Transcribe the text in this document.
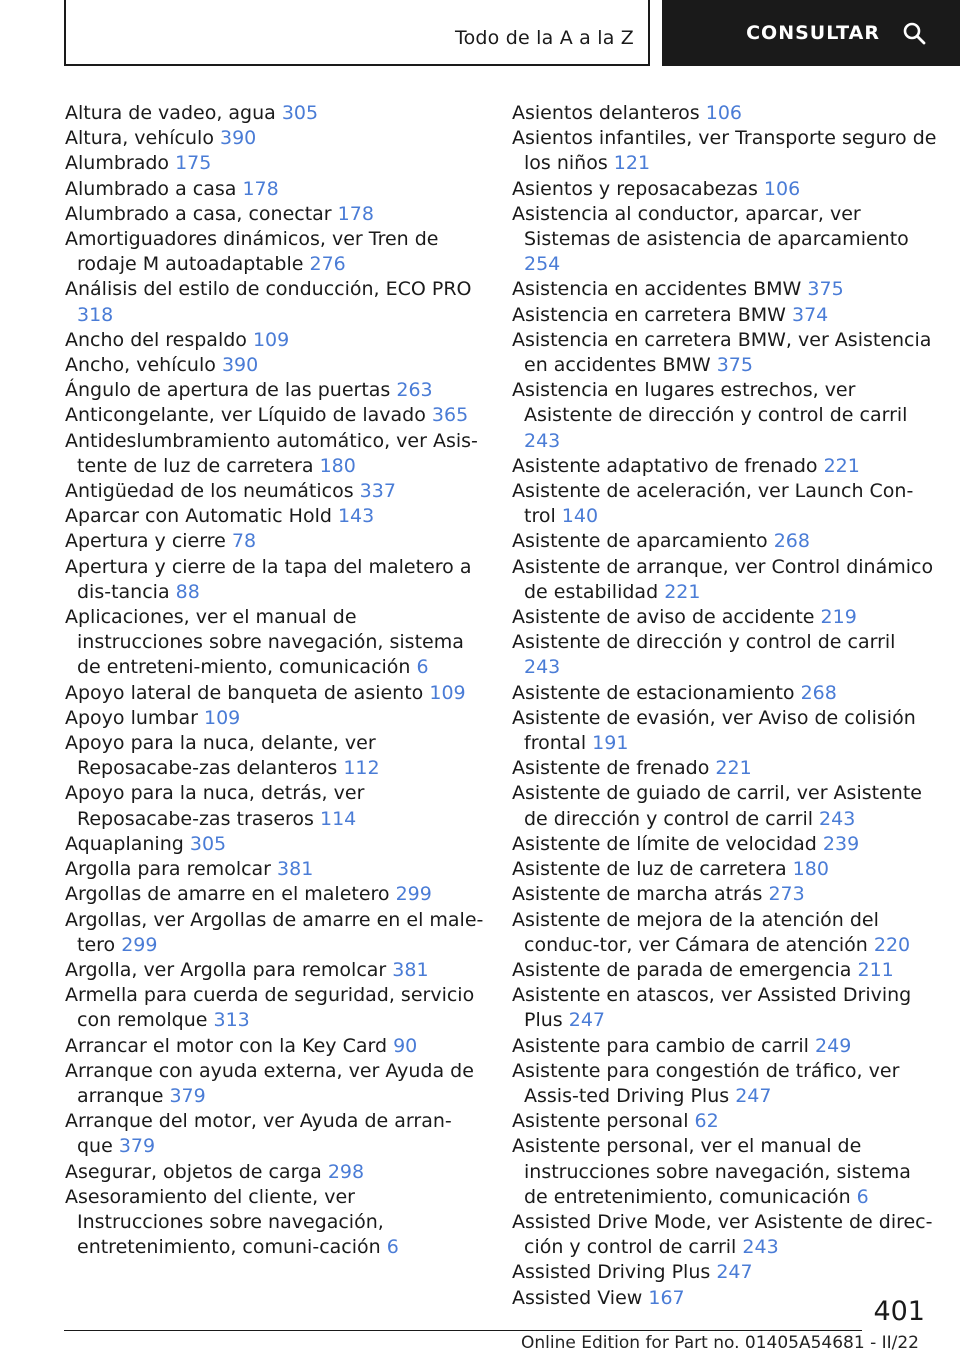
Todo de la A a la Z	CONSULTAR
Altura de vadeo, agua 305
Altura, vehículo 390
Alumbrado 175
Alumbrado a casa 178
Alumbrado a casa, conectar 178
Amortiguadores dinámicos, ver Tren de rodaje M autoadaptable 276
Análisis del estilo de conducción, ECO PRO 318
Ancho del respaldo 109
Ancho, vehículo 390
Ángulo de apertura de las puertas 263
Anticongelante, ver Líquido de lavado 365
Antideslumbramiento automático, ver Asis-tente de luz de carretera 180
Antigüedad de los neumáticos 337
Aparcar con Automatic Hold 143
Apertura y cierre 78
Apertura y cierre de la tapa del maletero a dis-tancia 88
Aplicaciones, ver el manual de instrucciones sobre navegación, sistema de entreteni-miento, comunicación 6
Apoyo lateral de banqueta de asiento 109
Apoyo lumbar 109
Apoyo para la nuca, delante, ver Reposacabe-zas delanteros 112
Apoyo para la nuca, detrás, ver Reposacabe-zas traseros 114
Aquaplaning 305
Argolla para remolcar 381
Argollas de amarre en el maletero 299
Argollas, ver Argollas de amarre en el male-tero 299
Argolla, ver Argolla para remolcar 381
Armella para cuerda de seguridad, servicio con remolque 313
Arrancar el motor con la Key Card 90
Arranque con ayuda externa, ver Ayuda de arranque 379
Arranque del motor, ver Ayuda de arran-que 379
Asegurar, objetos de carga 298
Asesoramiento del cliente, ver Instrucciones sobre navegación, entretenimiento, comuni-cación 6
Asientos delanteros 106
Asientos infantiles, ver Transporte seguro de los niños 121
Asientos y reposacabezas 106
Asistencia al conductor, aparcar, ver Sistemas de asistencia de aparcamiento 254
Asistencia en accidentes BMW 375
Asistencia en carretera BMW 374
Asistencia en carretera BMW, ver Asistencia en accidentes BMW 375
Asistencia en lugares estrechos, ver Asistente de dirección y control de carril 243
Asistente adaptativo de frenado 221
Asistente de aceleración, ver Launch Con-trol 140
Asistente de aparcamiento 268
Asistente de arranque, ver Control dinámico de estabilidad 221
Asistente de aviso de accidente 219
Asistente de dirección y control de carril 243
Asistente de estacionamiento 268
Asistente de evasión, ver Aviso de colisión frontal 191
Asistente de frenado 221
Asistente de guiado de carril, ver Asistente de dirección y control de carril 243
Asistente de límite de velocidad 239
Asistente de luz de carretera 180
Asistente de marcha atrás 273
Asistente de mejora de la atención del conduc-tor, ver Cámara de atención 220
Asistente de parada de emergencia 211
Asistente en atascos, ver Assisted Driving Plus 247
Asistente para cambio de carril 249
Asistente para congestión de tráfico, ver Assis-ted Driving Plus 247
Asistente personal 62
Asistente personal, ver el manual de instrucciones sobre navegación, sistema de entretenimiento, comunicación 6
Assisted Drive Mode, ver Asistente de direc-ción y control de carril 243
Assisted Driving Plus 247
Assisted View 167	401
Online Edition for Part no. 01405A54681 - II/22
